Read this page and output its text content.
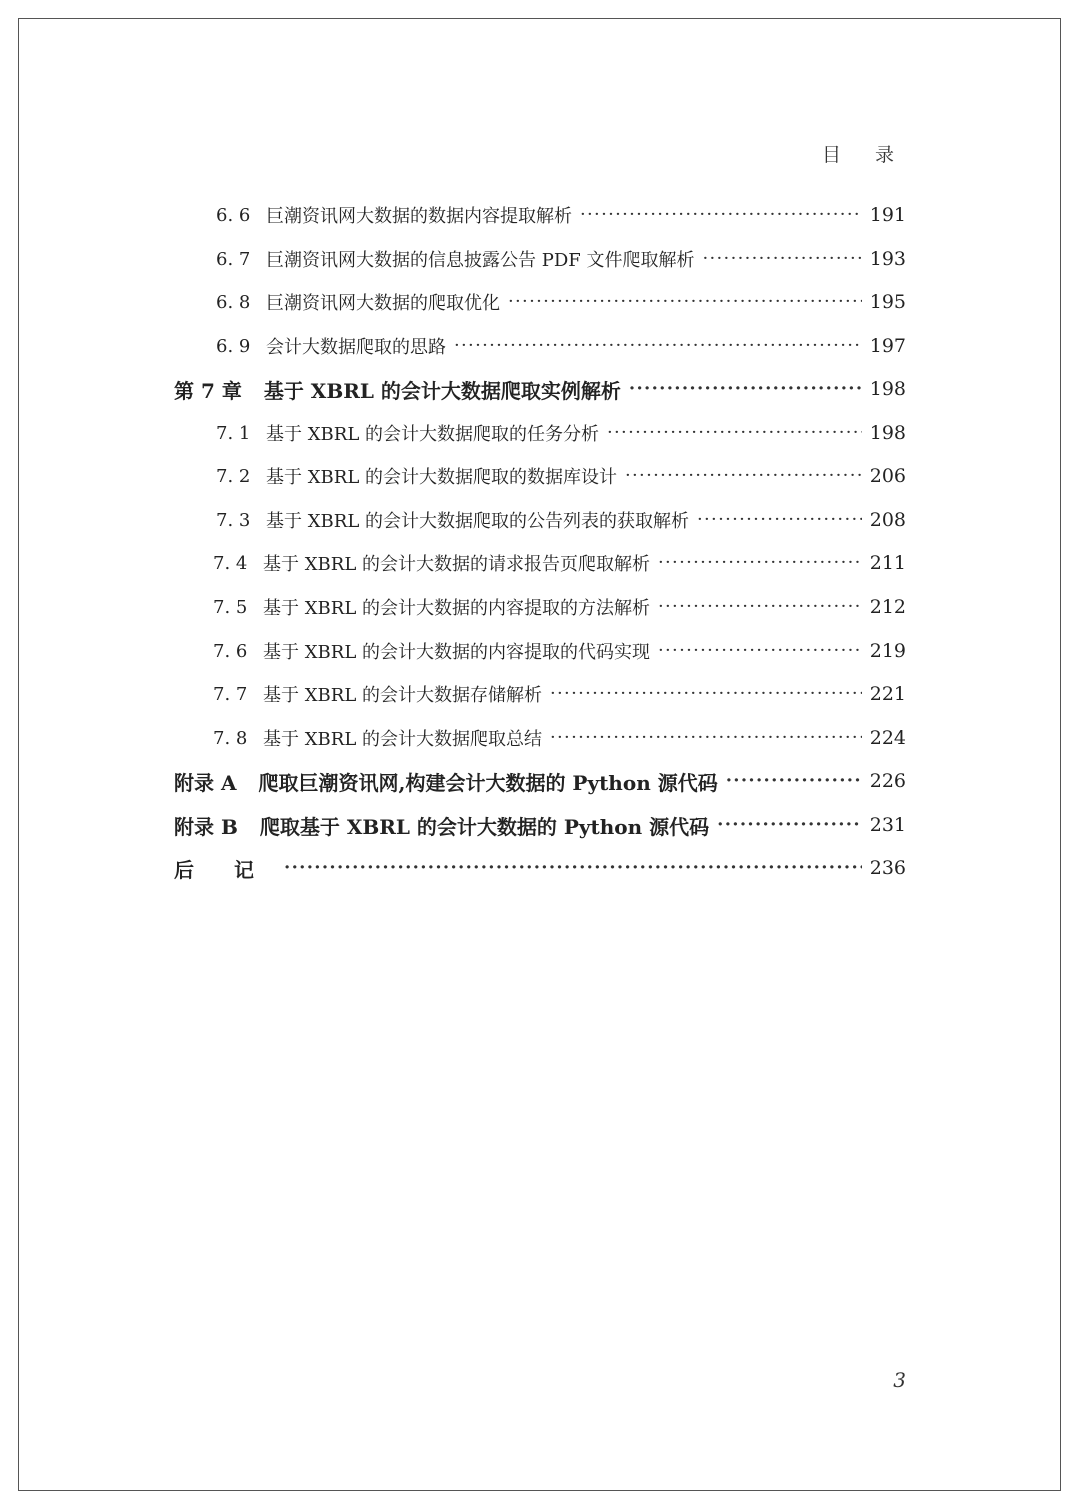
目 录
6. 6 巨潮资讯网大数据的数据内容提取解析 ·····	191
6. 7 巨潮资讯网大数据的信息披露公告 PDF 文件爬取解析 ·····	193
6. 8 巨潮资讯网大数据的爬取优化 ·····	195
6. 9 会计大数据爬取的思路 ·····	197
第 7 章 基于 XBRL 的会计大数据爬取实例解析 ·····	198
7. 1 基于 XBRL 的会计大数据爬取的任务分析 ·····	198
7. 2 基于 XBRL 的会计大数据爬取的数据库设计 ·····	206
7. 3 基于 XBRL 的会计大数据爬取的公告列表的获取解析 ·····	208
7. 4 基于 XBRL 的会计大数据的请求报告页爬取解析 ·····	211
7. 5 基于 XBRL 的会计大数据的内容提取的方法解析 ·····	212
7. 6 基于 XBRL 的会计大数据的内容提取的代码实现 ·····	219
7. 7 基于 XBRL 的会计大数据存储解析 ·····	221
7. 8 基于 XBRL 的会计大数据爬取总结 ·····	224
附录 A 爬取巨潮资讯网,构建会计大数据的 Python 源代码 ·····	226
附录 B 爬取基于 XBRL 的会计大数据的 Python 源代码 ·····	231
后　　记 ·····	236
3
